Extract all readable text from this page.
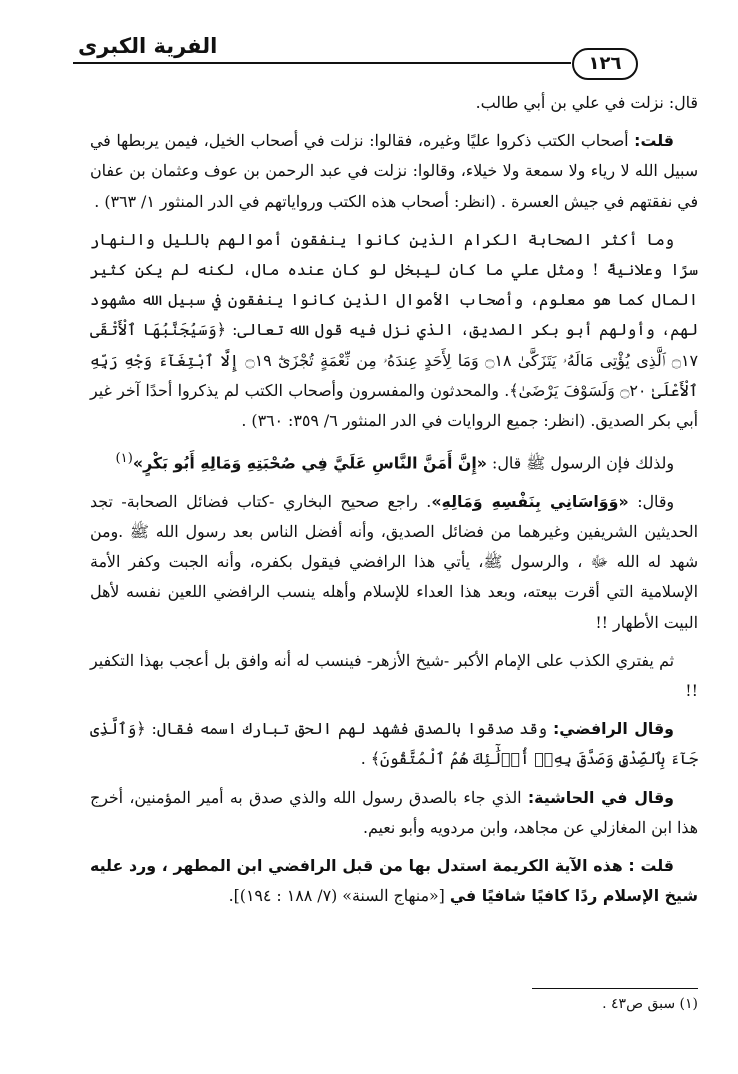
الفرية الكبرى
١٢٦

قال: نزلت في علي بن أبي طالب.

قلت: أصحاب الكتب ذكروا عليًا وغيره، فقالوا: نزلت في أصحاب الخيل، فيمن يربطها في سبيل الله لا رياء ولا سمعة ولا خيلاء، وقالوا: نزلت في عبد الرحمن بن عوف وعثمان بن عفان في نفقتهم في جيش العسرة . (انظر: أصحاب هذه الكتب ورواياتهم في الدر المنثور ١/ ٣٦٣) .

وما أكثر الصحابة الكرام الذين كانوا ينفقون أموالهم بالليل والنهار سرًا وعلانيةً ! ومثل علي ما كان ليبخل لو كان عنده مال، لكنه لم يكن كثير المال كما هو معلوم، وأصحاب الأموال الذين كانوا ينفقون في سبيل الله مشهود لهم، وأولهم أبو بكر الصديق، الذي نزل فيه قول الله تعالى: ﴿وَسَيُجَنَّبُهَا ٱلْأَتْقَى ۝١٧ ٱلَّذِى يُؤْتِى مَالَهُۥ يَتَزَكَّىٰ ۝١٨ وَمَا لِأَحَدٍ عِندَهُۥ مِن نِّعْمَةٍ تُجْزَىٰٓ ۝١٩ إِلَّا ٱبْتِغَآءَ وَجْهِ رَبِّهِ ٱلْأَعْلَىٰ ۝٢٠ وَلَسَوْفَ يَرْضَىٰ﴾. والمحدثون والمفسرون وأصحاب الكتب لم يذكروا أحدًا آخر غير أبي بكر الصديق. (انظر: جميع الروايات في الدر المنثور ٦/ ٣٥٩: ٣٦٠) .

ولذلك فإن الرسول ﷺ قال: «إِنَّ أَمَنَّ النَّاسِ عَلَيَّ فِي صُحْبَتِهِ وَمَالِهِ أَبُو بَكْرٍ»$^{(١)}$

وقال: «وَوَاسَانِي بِنَفْسِهِ وَمَالِهِ». راجع صحيح البخاري -كتاب فضائل الصحابة- تجد الحديثين الشريفين وغيرهما من فضائل الصديق، وأنه أفضل الناس بعد رسول الله ﷺ .ومن شهد له الله ﷻ ، والرسول ﷺ، يأتي هذا الرافضي فيقول بكفره، وأنه الجبت وكفر الأمة الإسلامية التي أقرت بيعته، وبعد هذا العداء للإسلام وأهله ينسب الرافضي اللعين نفسه لأهل البيت الأطهار !!

ثم يفتري الكذب على الإمام الأكبر -شيخ الأزهر- فينسب له أنه وافق بل أعجب بهذا التكفير !!

وقال الرافضي: وقد صدقوا بالصدق فشهد لهم الحق تبارك اسمه فقال: ﴿وَٱلَّذِى جَآءَ بِٱلصِّدْقِ وَصَدَّقَ بِهِۦٓ أُو۟لَٰٓئِكَ هُمُ ٱلْمُتَّقُونَ﴾ .

وقال في الحاشية: الذي جاء بالصدق رسول الله والذي صدق به أمير المؤمنين، أخرج هذا ابن المغازلي عن مجاهد، وابن مردويه وأبو نعيم.

قلت : هذه الآية الكريمة استدل بها من قبل الرافضي ابن المطهر ، ورد عليه شيخ الإسلام ردًا كافيًا شافيًا في [«منهاج السنة» (٧/ ١٨٨ : ١٩٤)].

(١) سبق ص٤٣ .
